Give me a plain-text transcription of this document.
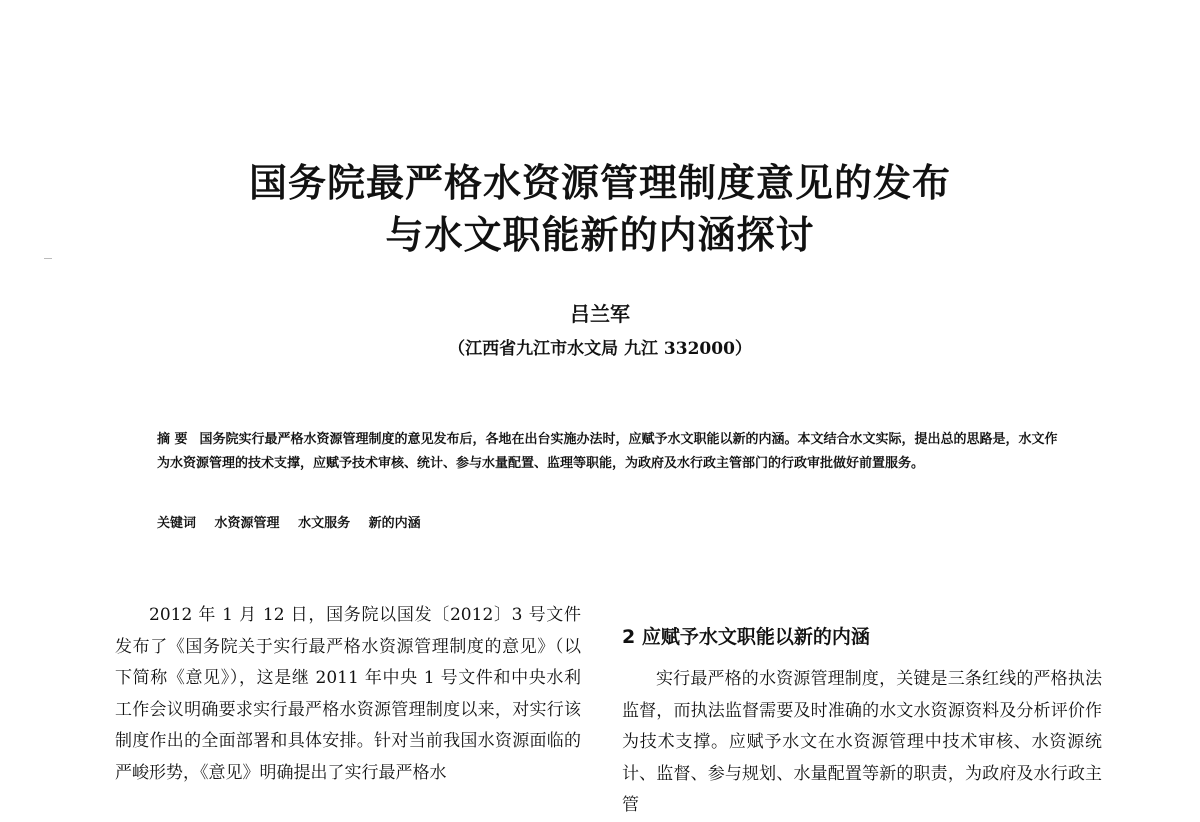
国务院最严格水资源管理制度意见的发布
与水文职能新的内涵探讨
吕兰军
（江西省九江市水文局 九江 332000）
摘 要 国务院实行最严格水资源管理制度的意见发布后，各地在出台实施办法时，应赋予水文职能以新的内涵。本文结合水文实际，提出总的思路是，水文作为水资源管理的技术支撑，应赋予技术审核、统计、参与水量配置、监理等职能，为政府及水行政主管部门的行政审批做好前置服务。
关键词 水资源管理 水文服务 新的内涵

2012 年 1 月 12 日，国务院以国发〔2012〕3 号文件发布了《国务院关于实行最严格水资源管理制度的意见》（以下简称《意见》），这是继 2011 年中央 1 号文件和中央水利工作会议明确要求实行最严格水资源管理制度以来，对实行该制度作出的全面部署和具体安排。针对当前我国水资源面临的严峻形势，《意见》明确提出了实行最严格水

2 应赋予水文职能以新的内涵

实行最严格的水资源管理制度，关键是三条红线的严格执法监督，而执法监督需要及时准确的水文水资源资料及分析评价作为技术支撑。应赋予水文在水资源管理中技术审核、水资源统计、监督、参与规划、水量配置等新的职责，为政府及水行政主管
